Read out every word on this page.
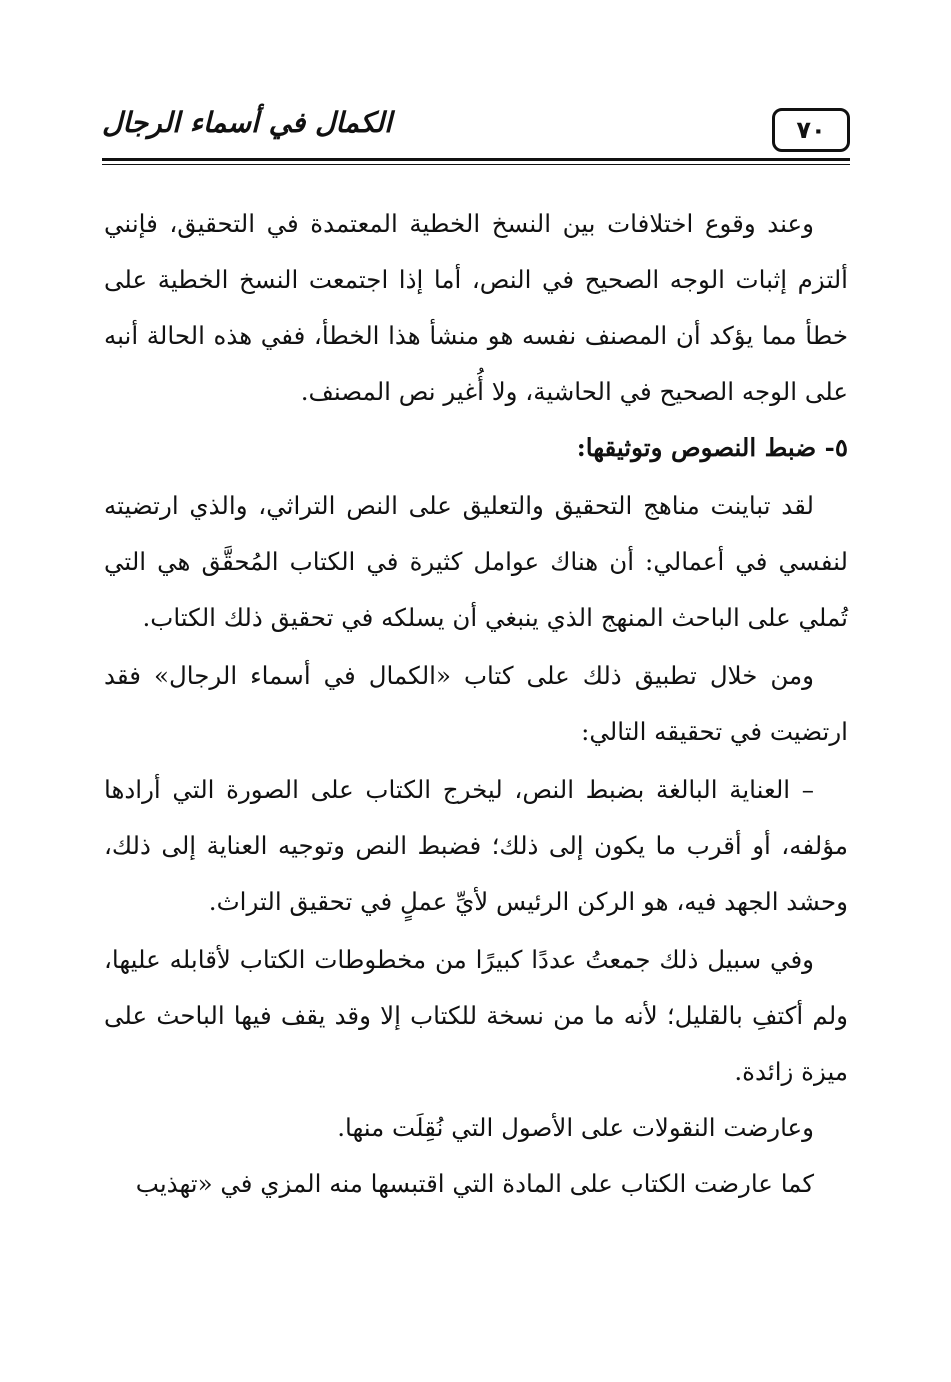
الكمال في أسماء الرجال	٧٠

وعند وقوع اختلافات بين النسخ الخطية المعتمدة في التحقيق، فإنني ألتزم إثبات الوجه الصحيح في النص، أما إذا اجتمعت النسخ الخطية على خطأ مما يؤكد أن المصنف نفسه هو منشأ هذا الخطأ، ففي هذه الحالة أنبه على الوجه الصحيح في الحاشية، ولا أُغير نص المصنف.

٥- ضبط النصوص وتوثيقها:

لقد تباينت مناهج التحقيق والتعليق على النص التراثي، والذي ارتضيته لنفسي في أعمالي: أن هناك عوامل كثيرة في الكتاب المُحقَّق هي التي تُملي على الباحث المنهج الذي ينبغي أن يسلكه في تحقيق ذلك الكتاب.

ومن خلال تطبيق ذلك على كتاب «الكمال في أسماء الرجال» فقد ارتضيت في تحقيقه التالي:

– العناية البالغة بضبط النص، ليخرج الكتاب على الصورة التي أرادها مؤلفه، أو أقرب ما يكون إلى ذلك؛ فضبط النص وتوجيه العناية إلى ذلك، وحشد الجهد فيه، هو الركن الرئيس لأيِّ عملٍ في تحقيق التراث.

وفي سبيل ذلك جمعتُ عددًا كبيرًا من مخطوطات الكتاب لأقابله عليها، ولم أكتفِ بالقليل؛ لأنه ما من نسخة للكتاب إلا وقد يقف فيها الباحث على ميزة زائدة.

وعارضت النقولات على الأصول التي نُقِلَت منها.

كما عارضت الكتاب على المادة التي اقتبسها منه المزي في «تهذيب
